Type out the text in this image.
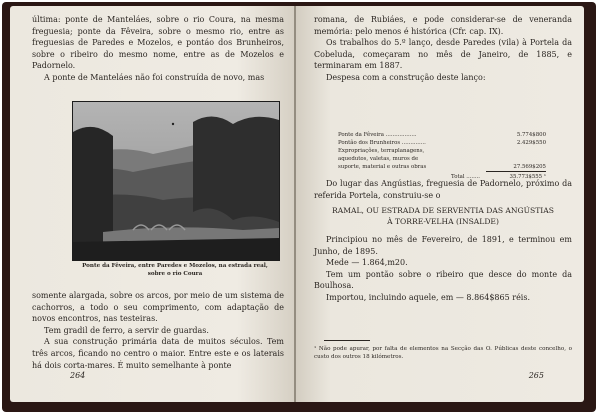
última: ponte de Manteláes, sobre o rio Coura, na mesma freguesia; ponte da Fêveira, sobre o mesmo rio, entre as freguesias de Paredes e Mozelos, e pontáo dos Brunheiros, sobre o ribeiro do mesmo nome, entre as de Mozelos e Padornelo.

A ponte de Manteláes não foi construída de novo, mas

Ponte da Fêveira, entre Paredes e Mozelos, na estrada real,
sobre o rio Coura

somente alargada, sobre os arcos, por meio de um sistema de cachorros, a todo o seu comprimento, com adaptação de novos encontros, nas testeiras.

Tem gradil de ferro, a servir de guardas.

A sua construção primária data de muitos séculos. Tem três arcos, ficando no centro o maior. Entre este e os laterais há dois corta-mares. É muito semelhante à ponte

264

romana, de Rubiáes, e pode considerar-se de veneranda memória: pelo menos é histórica (Cfr. cap. IX).

Os trabalhos do 5.º lanço, desde Paredes (vila) à Portela da Cobeluda, começaram no mês de Janeiro, de 1885, e terminaram em 1887.

Despesa com a construção deste lanço:

Ponte da Fêveira ..................	5.774$800
Pontão dos Brunheiros ..............	2.429$550
Expropriações, terraplanagens,
aquedutos, valetas, muros de
suporte, material e outras obras	27.569$205
Total ........	35.773$555 ¹

Do lugar das Angústias, freguesia de Padornelo, próximo da referida Portela, construiu-se o

RAMAL, OU ESTRADA DE SERVENTIA DAS ANGÚSTIAS
À TORRE-VELHA (INSALDE)

Principiou no mês de Fevereiro, de 1891, e terminou em Junho, de 1895.

Mede — 1.864,m20.

Tem um pontão sobre o ribeiro que desce do monte da Boulhosa.

Importou, incluindo aquele, em — 8.864$865 réis.

¹ Não pode apurar, por falta de elementos na Secção das O. Públicas deste concelho, o custo dos outros 18 kilómetros.
265
